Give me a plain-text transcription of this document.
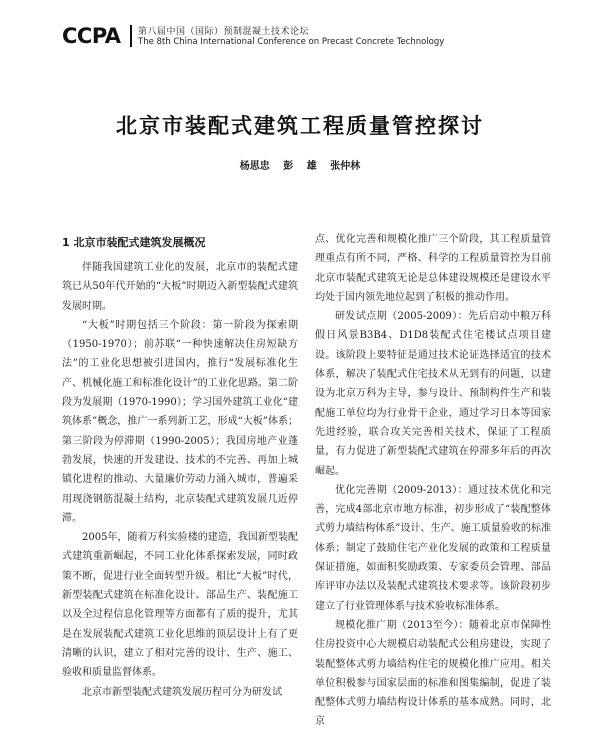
CCPA 第八届中国（国际）预制混凝土技术论坛
The 8th China International Conference on Precast Concrete Technology
北京市装配式建筑工程质量管控探讨
杨思忠 彭 雄 张仲林
1 北京市装配式建筑发展概况

伴随我国建筑工业化的发展，北京市的装配式建筑已从50年代开始的“大板”时期迈入新型装配式建筑发展时期。

“大板”时期包括三个阶段：第一阶段为探索期（1950-1970）；前苏联“一种快速解决住房短缺方法”的工业化思想被引进国内，推行“发展标准化生产、机械化施工和标准化设计”的工业化思路。第二阶段为发展期（1970-1990）；学习国外建筑工业化“建筑体系”概念，推广一系列新工艺，形成“大板”体系；第三阶段为停滞期（1990-2005）；我国房地产业蓬勃发展，快速的开发建设、技术的不完善、再加上城镇化进程的推动、大量廉价劳动力涌入城市，普遍采用现浇钢筋混凝土结构，北京装配式建筑发展几近停滞。

2005年，随着万科实验楼的建造，我国新型装配式建筑重新崛起，不同工业化体系探索发展，同时政策不断，促进行业全面转型升级。相比“大板”时代，新型装配式建筑在标准化设计、部品生产、装配施工以及全过程信息化管理等方面都有了质的提升，尤其是在发展装配式建筑工业化思维的顶层设计上有了更清晰的认识，建立了相对完善的设计、生产、施工、验收和质量监督体系。

北京市新型装配式建筑发展历程可分为研发试

点、优化完善和规模化推广三个阶段，其工程质量管理重点有所不同，严格、科学的工程质量管控为目前北京市装配式建筑无论是总体建设规模还是建设水平均处于国内领先地位起到了积极的推动作用。

研发试点期（2005-2009）：先后启动中粮万科假日风景B3B4、D1D8装配式住宅楼试点项目建设。该阶段上要特征是通过技术论证选择适宜的技术体系，解决了装配式住宅技术从无到有的问题，以建设为北京万科为主导，参与设计、预制构件生产和装配施工单位均为行业骨干企业，通过学习日本等国家先进经验，联合攻关完善相关技术，保证了工程质量，有力促进了新型装配式建筑在停滞多年后的再次崛起。

优化完善期（2009-2013）：通过技术优化和完善，完成4部北京市地方标准，初步形成了“装配整体式剪力墙结构体系”设计、生产、施工质量验收的标准体系；制定了鼓励住宅产业化发展的政策和工程质量保证措施，如面积奖励政策、专家委员会管理、部品库评审办法以及装配式建筑技术要求等。该阶段初步建立了行业管理体系与技术验收标准体系。

规模化推广期（2013至今）：随着北京市保障性住房投资中心大规模启动装配式公租房建设，实现了装配整体式剪力墙结构住宅的规模化推广应用。相关单位积极参与国家层面的标准和图集编制，促进了装配整体式剪力墙结构设计体系的基本成熟。同时，北京
